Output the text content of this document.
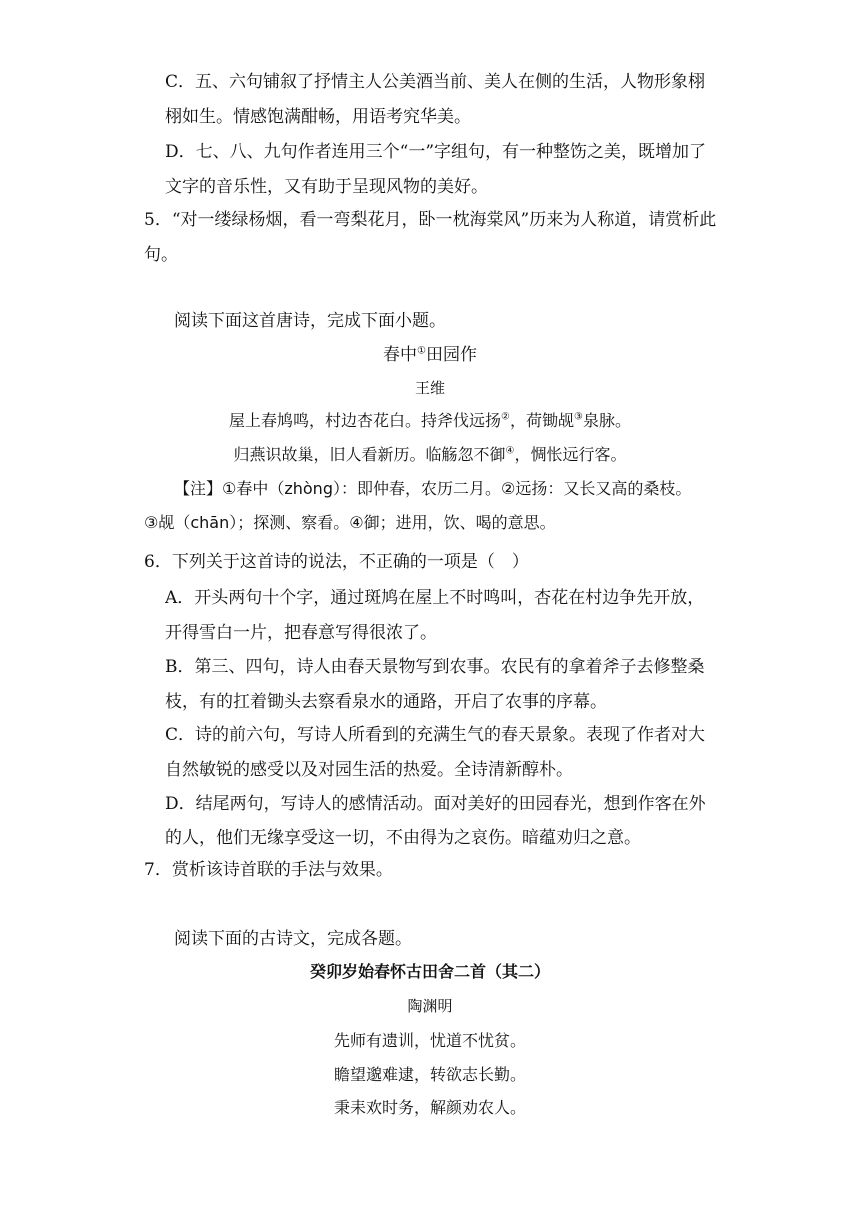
C．五、六句铺叙了抒情主人公美酒当前、美人在侧的生活，人物形象栩
栩如生。情感饱满酣畅，用语考究华美。
D．七、八、九句作者连用三个“一”字组句，有一种整饬之美，既增加了
文字的音乐性，又有助于呈现风物的美好。
5．“对一缕绿杨烟，看一弯梨花月，卧一枕海棠风”历来为人称道，请赏析此
句。
阅读下面这首唐诗，完成下面小题。
春中①田园作
王维
屋上春鸠鸣，村边杏花白。持斧伐远扬②，荷锄觇③泉脉。
归燕识故巢，旧人看新历。临觞忽不御④，惆怅远行客。
【注】①春中（zhòng）：即仲春，农历二月。②远扬：又长又高的桑枝。
③觇（chān）；探测、察看。④御；进用，饮、喝的意思。
6．下列关于这首诗的说法，不正确的一项是（　）
A．开头两句十个字，通过斑鸠在屋上不时鸣叫，杏花在村边争先开放，
开得雪白一片，把春意写得很浓了。
B．第三、四句，诗人由春天景物写到农事。农民有的拿着斧子去修整桑
枝，有的扛着锄头去察看泉水的通路，开启了农事的序幕。
C．诗的前六句，写诗人所看到的充满生气的春天景象。表现了作者对大
自然敏锐的感受以及对园生活的热爱。全诗清新醇朴。
D．结尾两句，写诗人的感情活动。面对美好的田园春光，想到作客在外
的人，他们无缘享受这一切，不由得为之哀伤。暗蕴劝归之意。
7．赏析该诗首联的手法与效果。
阅读下面的古诗文，完成各题。
癸卯岁始春怀古田舍二首（其二）
陶渊明
先师有遗训，忧道不忧贫。
瞻望邈难逮，转欲志长勤。
秉耒欢时务，解颜劝农人。
